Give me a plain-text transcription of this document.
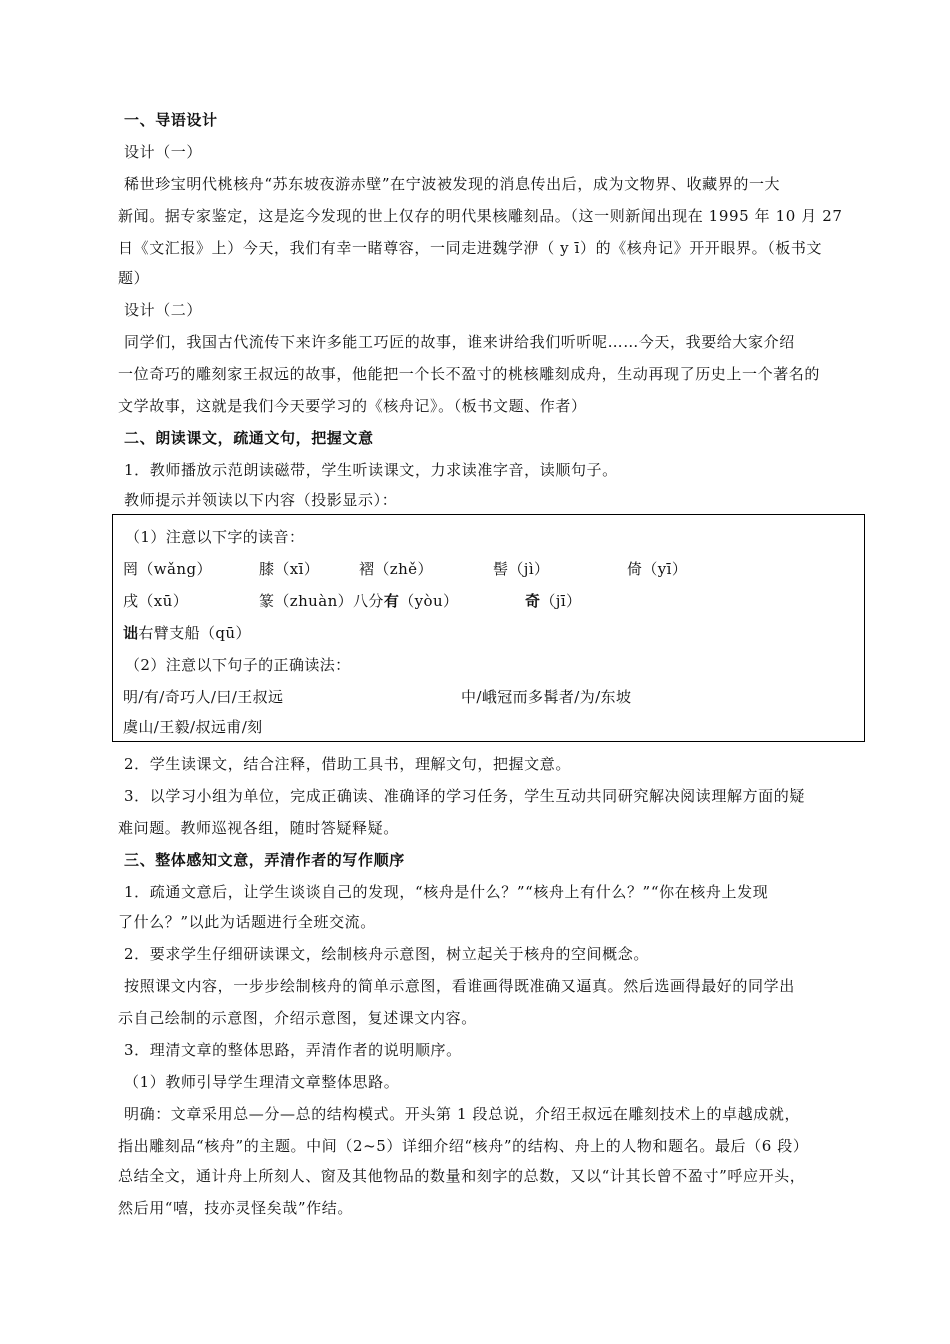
一、导语设计
设计（一）
稀世珍宝明代桃核舟“苏东坡夜游赤壁”在宁波被发现的消息传出后，成为文物界、收藏界的一大
新闻。据专家鉴定，这是迄今发现的世上仅存的明代果核雕刻品。（这一则新闻出现在 1995 年 10 月 27
日《文汇报》上）今天，我们有幸一睹尊容，一同走进魏学洢（ y ī）的《核舟记》开开眼界。（板书文
题）
设计（二）
同学们，我国古代流传下来许多能工巧匠的故事，谁来讲给我们听听呢……今天，我要给大家介绍
一位奇巧的雕刻家王叔远的故事，他能把一个长不盈寸的桃核雕刻成舟，生动再现了历史上一个著名的
文学故事，这就是我们今天要学习的《核舟记》。（板书文题、作者）
二、朗读课文，疏通文句，把握文意
1．教师播放示范朗读磁带，学生听读课文，力求读准字音，读顺句子。
教师提示并领读以下内容（投影显示）：
（1）注意以下字的读音：
罔（wǎng）	膝（xī）	褶（zhě）	髻（jì）	倚（yī）
戌（xū）	篆（zhuàn）八分有（yòu）	奇（jī）
诎右臂支船（qū）
（2）注意以下句子的正确读法：
明/有/奇巧人/曰/王叔远	中/峨冠而多髯者/为/东坡
虞山/王毅/叔远甫/刻
2．学生读课文，结合注释，借助工具书，理解文句，把握文意。
3．以学习小组为单位，完成正确读、准确译的学习任务，学生互动共同研究解决阅读理解方面的疑
难问题。教师巡视各组，随时答疑释疑。
三、整体感知文意，弄清作者的写作顺序
1．疏通文意后，让学生谈谈自己的发现，“核舟是什么？”“核舟上有什么？”“你在核舟上发现
了什么？”以此为话题进行全班交流。
2．要求学生仔细研读课文，绘制核舟示意图，树立起关于核舟的空间概念。
按照课文内容，一步步绘制核舟的简单示意图，看谁画得既准确又逼真。然后选画得最好的同学出
示自己绘制的示意图，介绍示意图，复述课文内容。
3．理清文章的整体思路，弄清作者的说明顺序。
（1）教师引导学生理清文章整体思路。
明确：文章采用总—分—总的结构模式。开头第 1 段总说，介绍王叔远在雕刻技术上的卓越成就，
指出雕刻品“核舟”的主题。中间（2~5）详细介绍“核舟”的结构、舟上的人物和题名。最后（6 段）
总结全文，通计舟上所刻人、窗及其他物品的数量和刻字的总数，又以“计其长曾不盈寸”呼应开头，
然后用“嘻，技亦灵怪矣哉”作结。
